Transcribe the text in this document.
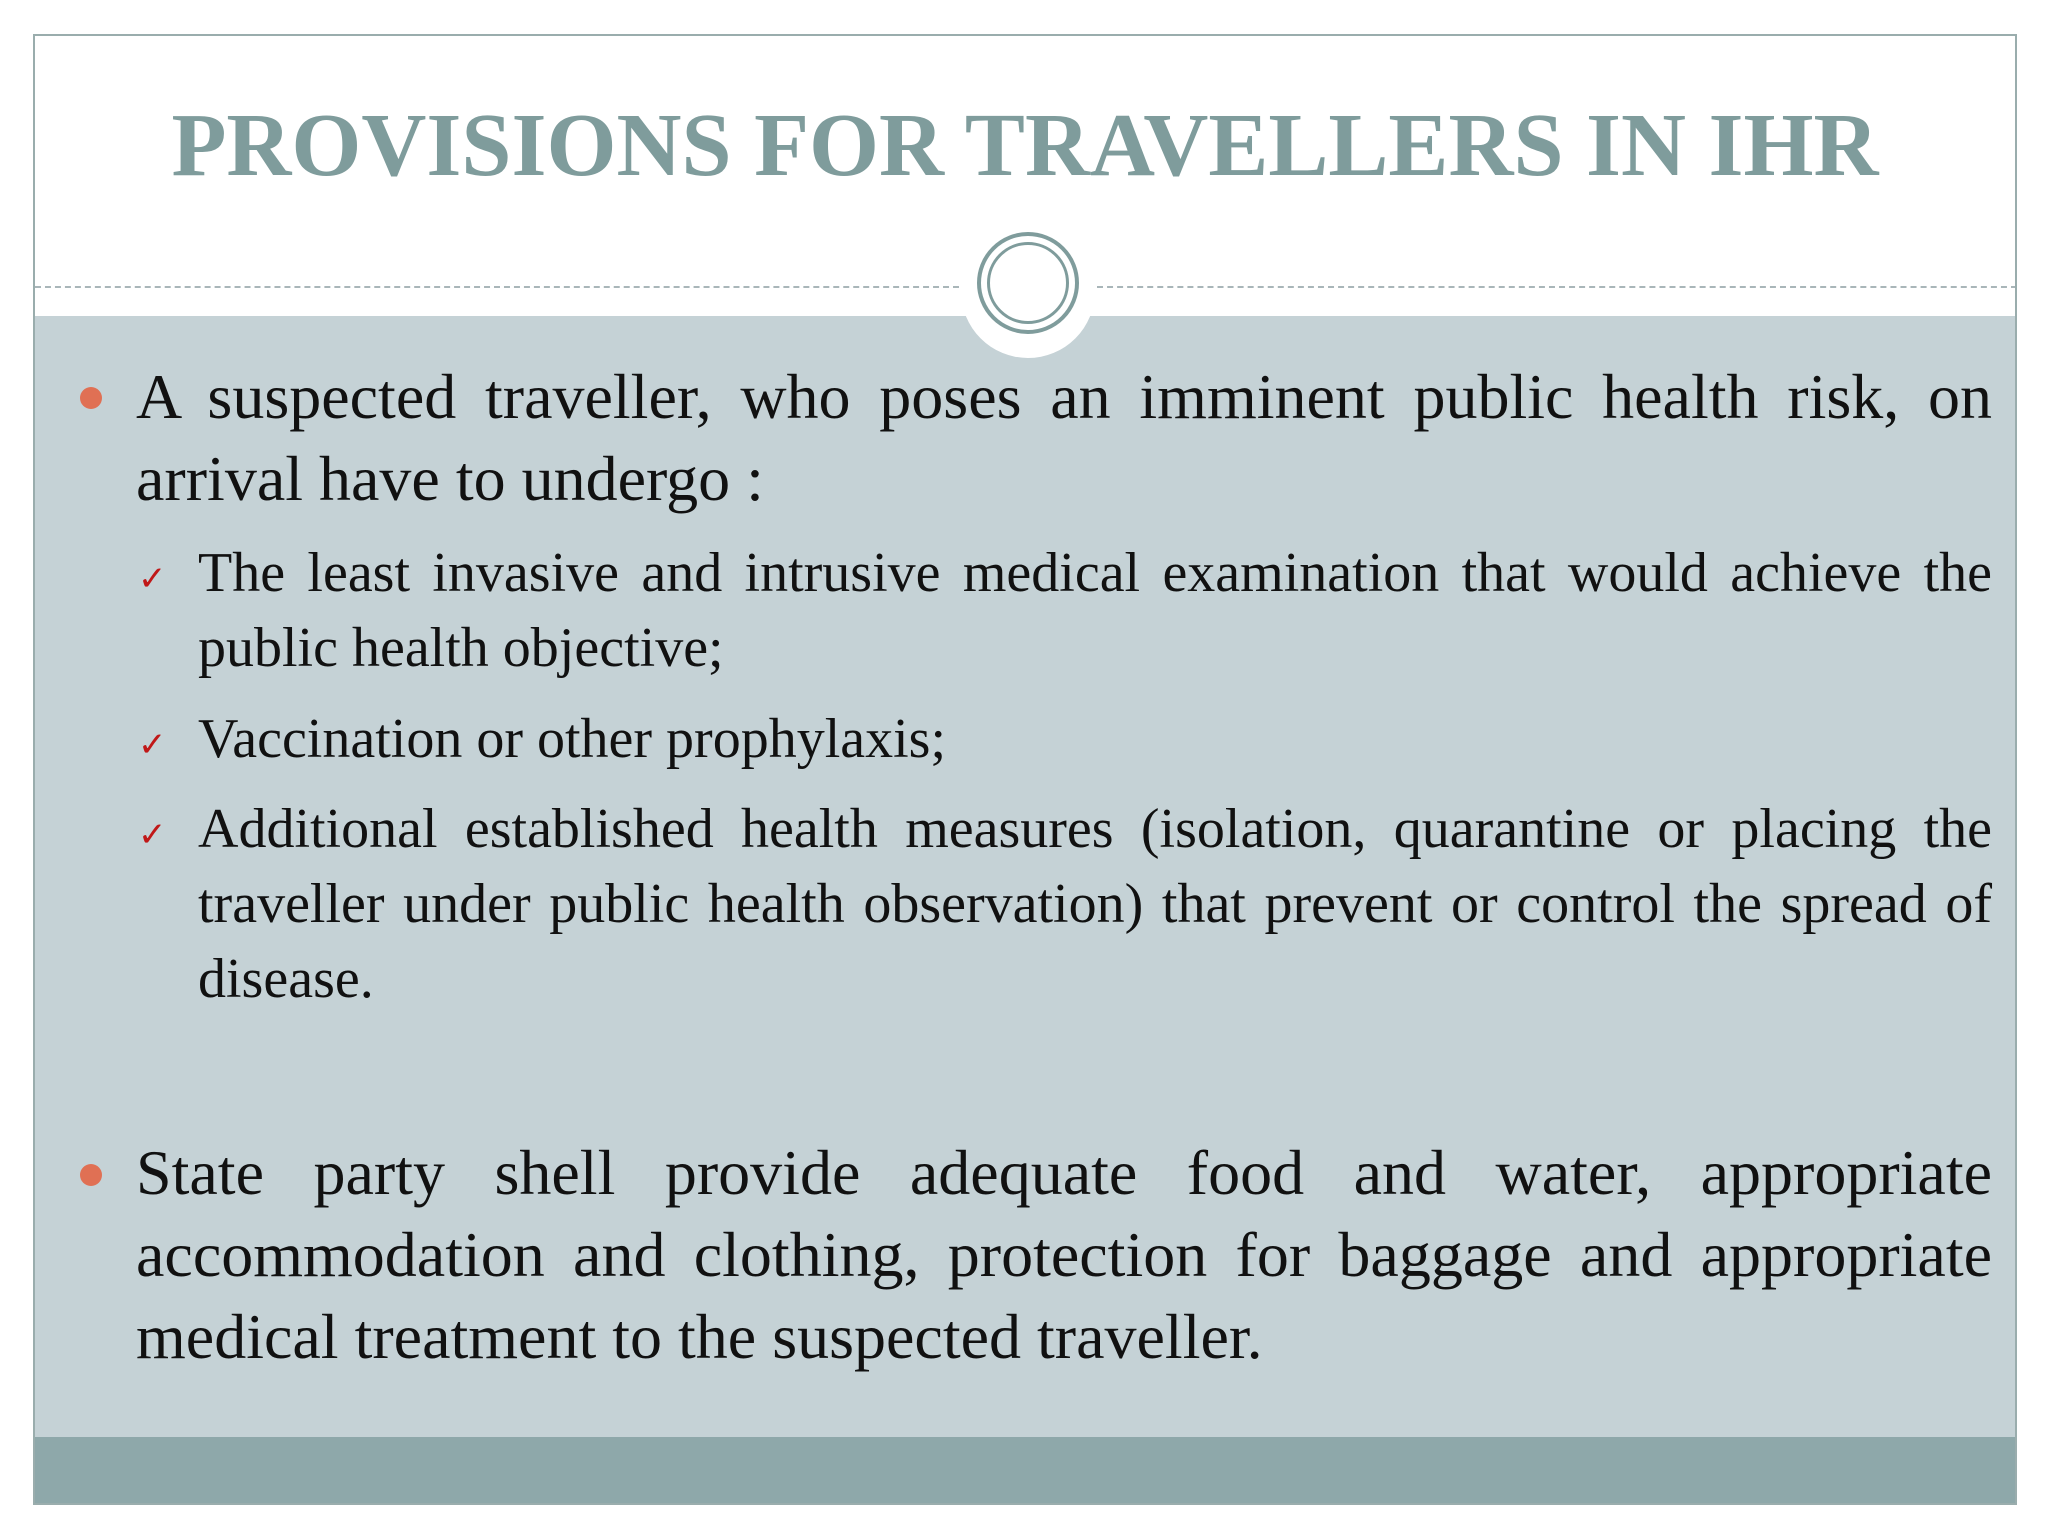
PROVISIONS FOR TRAVELLERS IN IHR

A suspected traveller, who poses an imminent public health risk, on arrival have to undergo :

✓ The least invasive and intrusive medical examination that would achieve the public health objective;

✓ Vaccination or other prophylaxis;

✓ Additional established health measures (isolation, quarantine or placing the traveller under public health observation) that prevent or control the spread of disease.

State party shell provide adequate food and water, appropriate accommodation and clothing, protection for baggage and appropriate medical treatment to the suspected traveller.
